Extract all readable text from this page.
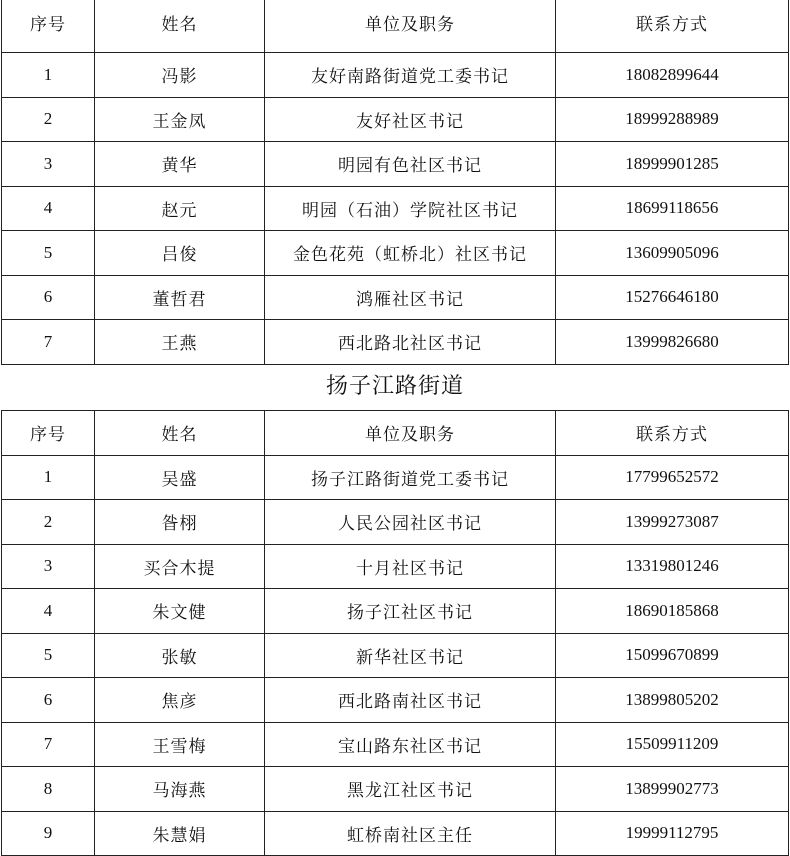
序号	姓名	单位及职务	联系方式
1	冯影	友好南路街道党工委书记	18082899644
2	王金凤	友好社区书记	18999288989
3	黄华	明园有色社区书记	18999901285
4	赵元	明园（石油）学院社区书记	18699118656
5	吕俊	金色花苑（虹桥北）社区书记	13609905096
6	董哲君	鸿雁社区书记	15276646180
7	王燕	西北路北社区书记	13999826680
扬子江路街道
序号	姓名	单位及职务	联系方式
1	吴盛	扬子江路街道党工委书记	17799652572
2	昝栩	人民公园社区书记	13999273087
3	买合木提	十月社区书记	13319801246
4	朱文健	扬子江社区书记	18690185868
5	张敏	新华社区书记	15099670899
6	焦彦	西北路南社区书记	13899805202
7	王雪梅	宝山路东社区书记	15509911209
8	马海燕	黑龙江社区书记	13899902773
9	朱慧娟	虹桥南社区主任	19999112795
